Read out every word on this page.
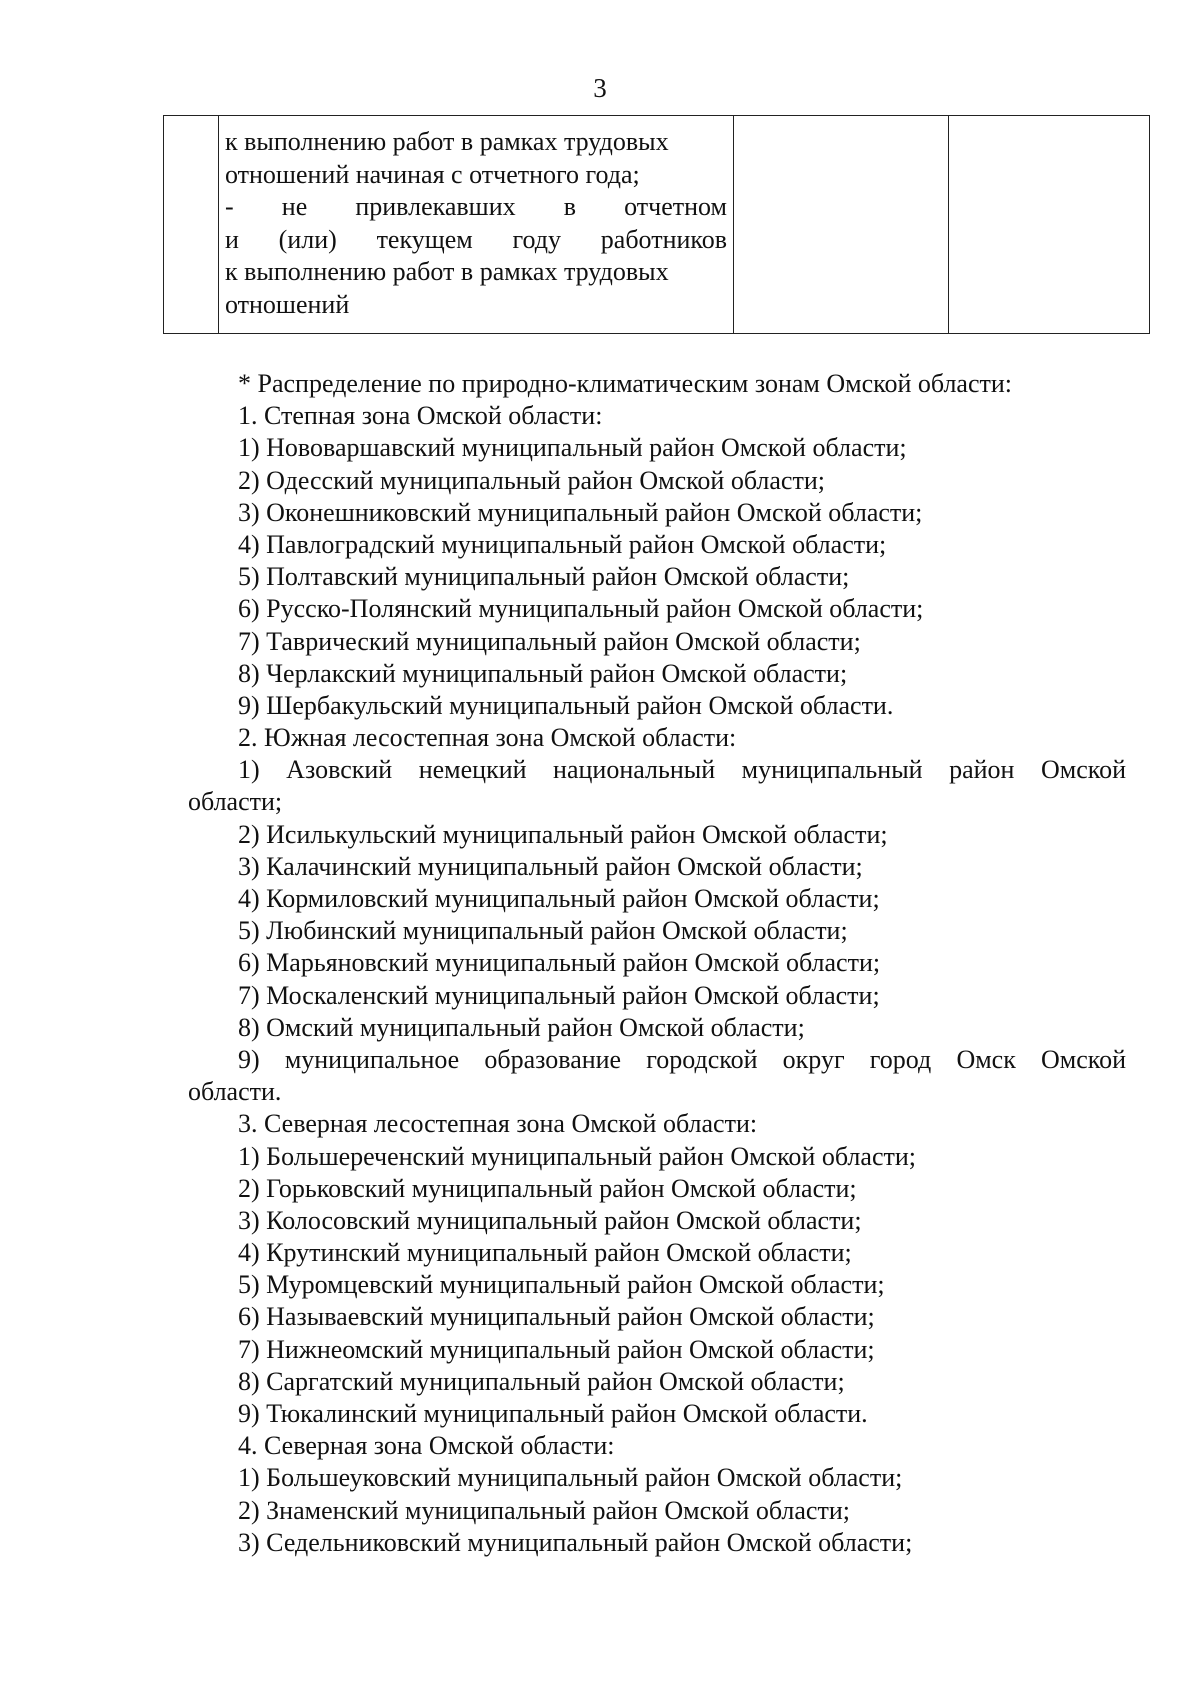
3

к выполнению работ в рамках трудовых
отношений начиная с отчетного года;
- не привлекавших в отчетном
и (или) текущем году работников
к выполнению работ в рамках трудовых
отношений

* Распределение по природно-климатическим зонам Омской области:
1. Степная зона Омской области:
1) Нововаршавский муниципальный район Омской области;
2) Одесский муниципальный район Омской области;
3) Оконешниковский муниципальный район Омской области;
4) Павлоградский муниципальный район Омской области;
5) Полтавский муниципальный район Омской области;
6) Русско-Полянский муниципальный район Омской области;
7) Таврический муниципальный район Омской области;
8) Черлакский муниципальный район Омской области;
9) Шербакульский муниципальный район Омской области.
2. Южная лесостепная зона Омской области:
1) Азовский немецкий национальный муниципальный район Омской
области;
2) Исилькульский муниципальный район Омской области;
3) Калачинский муниципальный район Омской области;
4) Кормиловский муниципальный район Омской области;
5) Любинский муниципальный район Омской области;
6) Марьяновский муниципальный район Омской области;
7) Москаленский муниципальный район Омской области;
8) Омский муниципальный район Омской области;
9) муниципальное образование городской округ город Омск Омской
области.
3. Северная лесостепная зона Омской области:
1) Большереченский муниципальный район Омской области;
2) Горьковский муниципальный район Омской области;
3) Колосовский муниципальный район Омской области;
4) Крутинский муниципальный район Омской области;
5) Муромцевский муниципальный район Омской области;
6) Называевский муниципальный район Омской области;
7) Нижнеомский муниципальный район Омской области;
8) Саргатский муниципальный район Омской области;
9) Тюкалинский муниципальный район Омской области.
4. Северная зона Омской области:
1) Большеуковский муниципальный район Омской области;
2) Знаменский муниципальный район Омской области;
3) Седельниковский муниципальный район Омской области;
